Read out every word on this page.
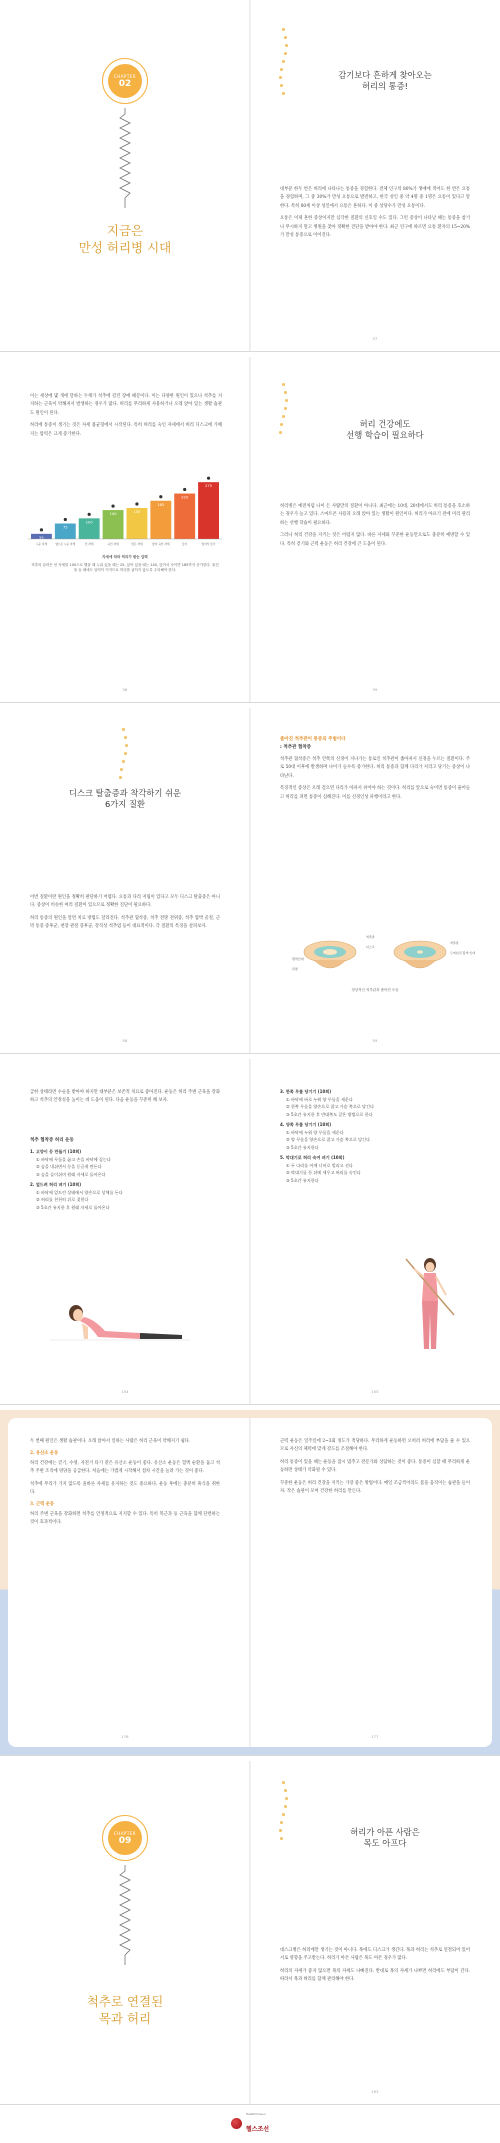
CHAPTER
02
지금은
만성 허리병 시대
감기보다 흔하게 찾아오는
허리의 통증!

대부분 한두 번은 허리에 나타나는 통증을 경험한다. 전체 인구의 80%가 생애에 적어도 한 번은 요통을 경험하며, 그 중 30%가 만성 요통으로 발전하고, 한국 성인 중 약 4명 중 1명은 요통이 있다고 말한다. 특히 80세 이상 성인에서 요통은 흔하다. 이 중 상당수가 만성 요통이다.

요통은 이제 흔한 증상이지만 심각한 질환의 신호일 수도 있다. 그런 증상이 나타날 때는 통증을 참거나 무시하지 말고 병원을 찾아 정확한 진단을 받아야 한다. 최근 연구에 따르면 요통 환자의 15~20%가 만성 통증으로 이어진다.

37

이는 세상에 몇 개에 달하는 두께가 척추에 걸린 장애 때문이다. 이는 다양한 원인이 있으나 척추를 지지하는 근육이 약해져서 발생하는 경우가 많다. 허리를 무리하게 사용하거나 오래 앉아 있는 생활 습관도 원인이 된다.

허리에 통증이 생기는 것은 자세 불균형에서 시작된다. 특히 허리를 숙인 자세에서 허리 디스크에 가해지는 압력은 크게 증가한다.

25
누운 자세
75
옆으로 누운 자세
100
선 자세
140
숙인 자세
150
앉은 자세
185
앉아 숙인 자세
220
들기
275
앉아서 들기
자세에 따라 허리가 받는 압력
척추의 압력은 선 자세를 100으로 했을 때 누워 있을 때는 25, 앉아 있을 때는 140, 앉아서 숙이면 185까지 증가한다. 물건을 들 때에도 압력이 커지므로 허리를 굽히지 않도록 주의해야 한다.
38
허리 건강에도
선행 학습이 필요하다

허리병은 예전처럼 나이 든 사람만의 질환이 아니다. 최근에는 10대, 20대에서도 허리 통증을 호소하는 경우가 늘고 있다. 스마트폰 사용과 오래 앉아 있는 생활이 원인이다. 허리가 아프기 전에 미리 관리하는 선행 학습이 필요하다.

그러나 허리 건강을 지키는 것은 어렵지 않다. 바른 자세와 꾸준한 운동만으로도 충분히 예방할 수 있다. 특히 걷기와 근력 운동은 허리 건강에 큰 도움이 된다.

39
디스크 탈출증과 착각하기 쉬운
6가지 질환

이번 질환이란 원인을 정확히 판단하기 어렵다. 요통과 다리 저림이 있다고 모두 디스크 탈출증은 아니다. 증상이 비슷한 여러 질환이 있으므로 정확한 진단이 필요하다.

허리 통증의 원인을 알면 치료 방법도 달라진다. 척추관 협착증, 척추 전방 전위증, 척추 압박 골절, 근막 통증 증후군, 천장 관절 증후군, 강직성 척추염 등이 대표적이다. 각 질환의 특징을 살펴보자.

58
좁아진 척추관이 통증의 주범이다
: 척추관 협착증

척추관 협착증은 척추 안쪽의 신경이 지나가는 통로인 척추관이 좁아져서 신경을 누르는 질환이다. 주로 50대 이후에 발생하며 나이가 들수록 증가한다. 허리 통증과 함께 다리가 저리고 당기는 증상이 나타난다.

특징적인 증상은 오래 걸으면 다리가 아파서 쉬어야 하는 것이다. 허리를 앞으로 숙이면 통증이 줄어들고 허리를 펴면 통증이 심해진다. 이를 신경인성 파행이라고 한다.

척추관
디스크
황색인대
관절
척추관
두꺼워진 황색 인대
정상적인 척추관과 좁아진 모습
59

급한 상태라면 수술을 받아야 하지만 대부분은 보존적 치료로 좋아진다. 운동은 허리 주변 근육을 강화하고 척추의 안정성을 높이는 데 도움이 된다. 다음 운동을 꾸준히 해 보자.

척추 협착증 허리 운동
1. 고양이 등 만들기 (10회)
① 바닥에 무릎을 꿇고 손을 바닥에 짚는다
② 숨을 내쉬면서 등을 둥글게 만든다
③ 숨을 들이쉬며 원래 자세로 돌아온다
2. 엎드려 허리 펴기 (10회)
① 바닥에 엎드린 상태에서 양손으로 상체를 든다
② 허리를 천천히 뒤로 젖힌다
③ 5초간 유지한 후 원래 자세로 돌아온다
104
3. 한쪽 무릎 당기기 (10회)
① 바닥에 바로 누워 양 무릎을 세운다
② 한쪽 무릎을 양손으로 잡고 가슴 쪽으로 당긴다
③ 5초간 유지한 후 반대쪽도 같은 방법으로 한다
4. 양쪽 무릎 당기기 (10회)
① 바닥에 누워 양 무릎을 세운다
② 양 무릎을 양손으로 잡고 가슴 쪽으로 당긴다
③ 5초간 유지한다
5. 막대기로 허리 숙여 펴기 (10회)
① 두 다리를 어깨 너비로 벌리고 선다
② 막대기를 등 뒤에 세우고 허리를 숙인다
③ 5초간 유지한다
105

두 번째 원인은 생활 습관이다. 오래 앉아서 일하는 사람은 허리 근육이 약해지기 쉽다.

2. 유산소 운동

허리 건강에는 걷기, 수영, 자전거 타기 같은 유산소 운동이 좋다. 유산소 운동은 혈액 순환을 돕고 척추 주변 조직에 영양을 공급한다. 처음에는 가볍게 시작해서 점차 시간을 늘려 가는 것이 좋다.

척추에 무리가 가지 않도록 올바른 자세를 유지하는 것도 중요하다. 운동 후에는 충분히 휴식을 취한다.

3. 근력 운동

허리 주변 근육을 강화하면 척추를 안정적으로 지지할 수 있다. 특히 복근과 등 근육을 함께 단련하는 것이 효과적이다.

176

근력 운동은 일주일에 2~3회 정도가 적당하다. 무리하게 운동하면 오히려 허리에 부담을 줄 수 있으므로 자신의 체력에 맞게 강도를 조절해야 한다.

허리 통증이 있을 때는 운동을 잠시 멈추고 전문가와 상담하는 것이 좋다. 통증이 심할 때 무리하게 운동하면 상태가 악화될 수 있다.

꾸준한 운동은 허리 건강을 지키는 가장 좋은 방법이다. 매일 조금씩이라도 몸을 움직이는 습관을 들이자. 작은 습관이 모여 건강한 허리를 만든다.

177
CHAPTER
09
척추로 연결된
목과 허리
허리가 아픈 사람은
목도 아프다

대스크병은 허리에만 생기는 것이 아니다. 목에도 디스크가 생긴다. 목과 허리는 척추로 연결되어 있어 서로 영향을 주고받는다. 허리가 아픈 사람은 목도 아픈 경우가 많다.

허리의 자세가 좋지 않으면 목의 자세도 나빠진다. 반대로 목의 자세가 나쁘면 허리에도 부담이 간다. 따라서 목과 허리를 함께 관리해야 한다.

193
HealthChosun
헬스조선
